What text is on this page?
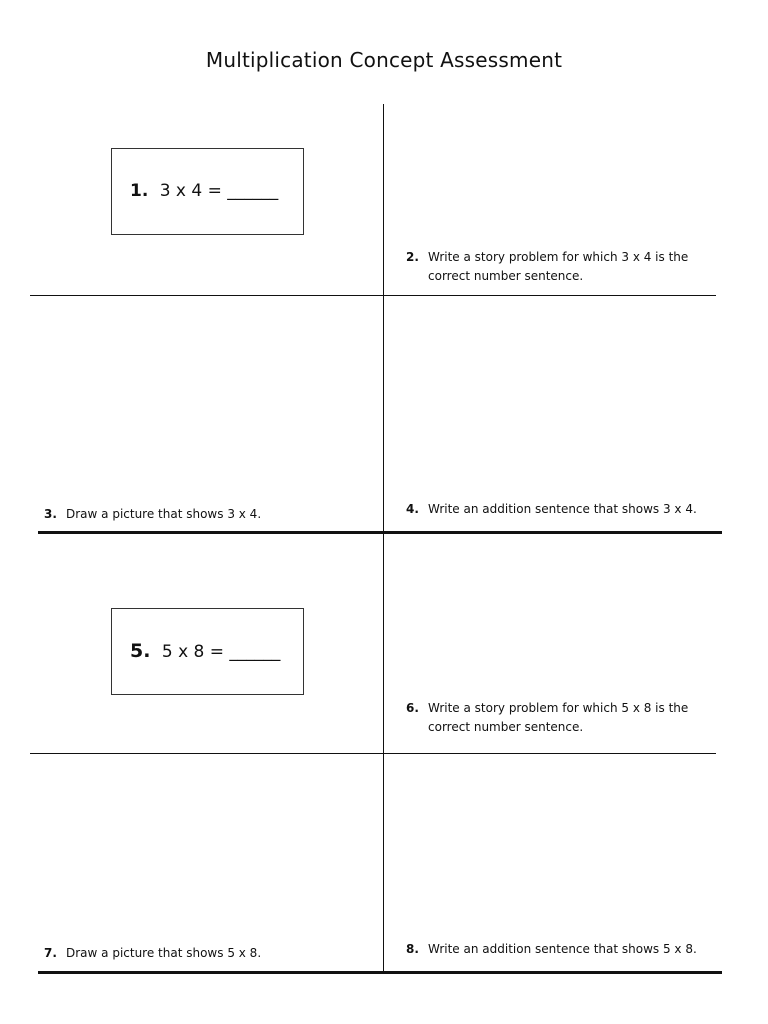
Multiplication Concept Assessment
1. 3 x 4 = ______
5. 5 x 8 = ______
2. Write a story problem for which 3 x 4 is the correct number sentence.
3. Draw a picture that shows 3 x 4.	4. Write an addition sentence that shows 3 x 4.
6. Write a story problem for which 5 x 8 is the correct number sentence.
7. Draw a picture that shows 5 x 8.	8. Write an addition sentence that shows 5 x 8.
